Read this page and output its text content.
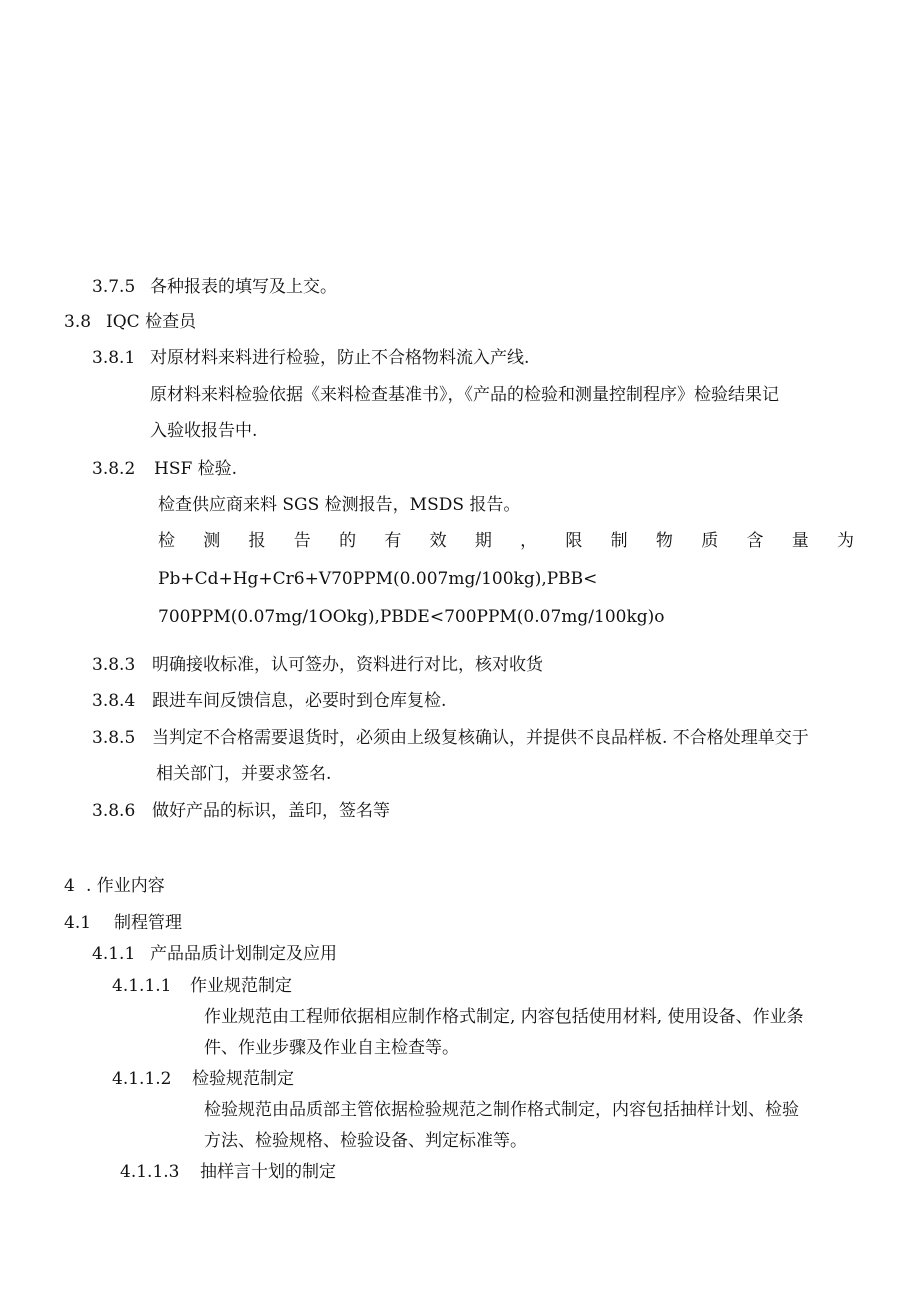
3.7.5 各种报表的填写及上交。
3.8 IQC 检查员
3.8.1 对原材料来料进行检验，防止不合格物料流入产线.
原材料来料检验依据《来料检查基准书》，《产品的检验和测量控制程序》检验结果记
入验收报告中.
3.8.2 HSF 检验.
检查供应商来料 SGS 检测报告，MSDS 报告。
检 测 报 告 的 有 效 期 ， 限 制 物 质 含 量 为
Pb+Cd+Hg+Cr6+V70PPM(0.007mg/100kg),PBB<
700PPM(0.07mg/1OOkg),PBDE<700PPM(0.07mg/100kg)o
3.8.3 明确接收标准，认可签办，资料进行对比，核对收货
3.8.4 跟进车间反馈信息，必要时到仓库复检.
3.8.5 当判定不合格需要退货时，必须由上级复核确认，并提供不良品样板. 不合格处理单交于
相关部门，并要求签名.
3.8.6 做好产品的标识，盖印，签名等
4 . 作业内容
4.1 制程管理
4.1.1 产品品质计划制定及应用
4.1.1.1 作业规范制定
作业规范由工程师依据相应制作格式制定, 内容包括使用材料, 使用设备、作业条
件、作业步骤及作业自主检查等。
4.1.1.2 检验规范制定
检验规范由品质部主管依据检验规范之制作格式制定，内容包括抽样计划、检验
方法、检验规格、检验设备、判定标准等。
4.1.1.3 抽样言十划的制定
